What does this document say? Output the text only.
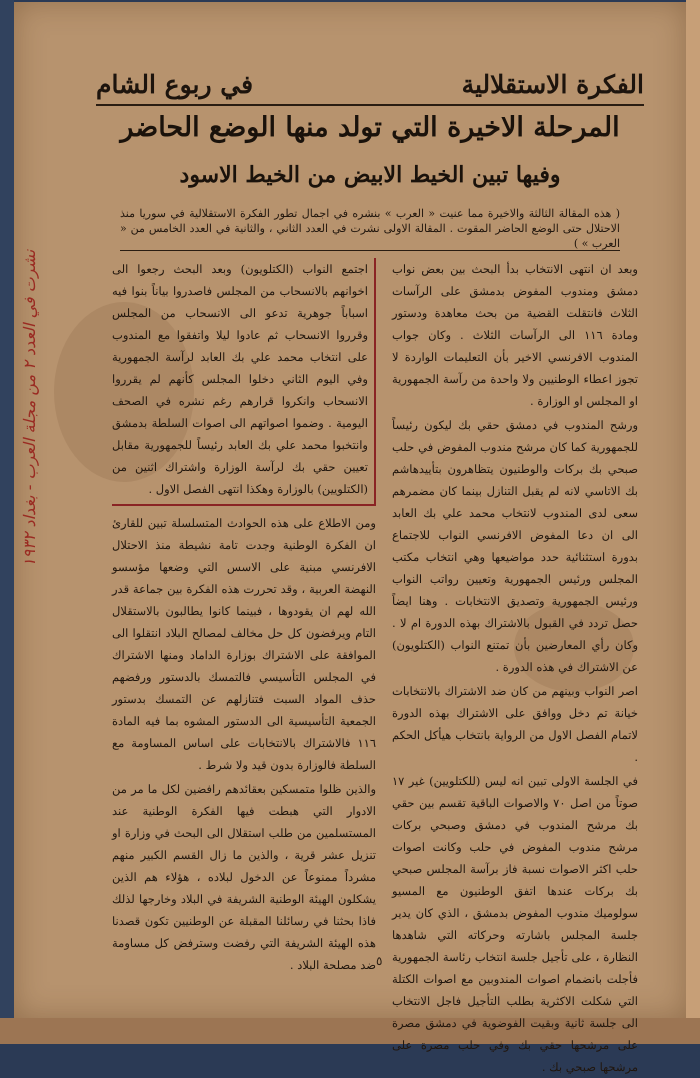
الفكرة الاستقلالية
في ربوع الشام
المرحلة الاخيرة التي تولد منها الوضع الحاضر
وفيها تبين الخيط الابيض من الخيط الاسود
( هذه المقالة الثالثة والاخيرة مما عنيت « العرب » بنشره في اجمال تطور الفكرة الاستقلالية في سوريا منذ الاحتلال حتى الوضع الحاضر المقوت . المقالة الاولى نشرت في العدد الثاني ، والثانية في العدد الخامس من « العرب » )

وبعد ان انتهى الانتخاب بدأ البحث بين بعض نواب دمشق ومندوب المفوض بدمشق على الرآسات الثلاث فانتقلت القضية من بحث معاهدة ودستور ومادة ١١٦ الى الرآسات الثلاث . وكان جواب المندوب الافرنسي الاخير بأن التعليمات الواردة لا تجوز اعطاء الوطنيين ولا واحدة من رآسة الجمهورية او المجلس او الوزارة .

ورشح المندوب في دمشق حقي بك ليكون رئيساً للجمهورية كما كان مرشح مندوب المفوض في حلب صبحي بك بركات والوطنيون يتظاهرون بتأييدهاشم بك الاتاسي لانه لم يقبل التنازل بينما كان مضمرهم سعى لدى المندوب لانتخاب محمد علي بك العابد الى ان دعا المفوض الافرنسي النواب للاجتماع بدورة استثنائية حدد مواضيعها وهي انتخاب مكتب المجلس ورئيس الجمهورية وتعيين رواتب النواب ورئيس الجمهورية وتصديق الانتخابات . وهنا ايضاً حصل تردد في القبول بالاشتراك بهذه الدورة ام لا . وكان رأي المعارضين بأن تمتنع النواب (الكتلويون) عن الاشتراك في هذه الدورة .

اصر النواب وبينهم من كان ضد الاشتراك بالانتخابات خيانة تم دخل ووافق على الاشتراك بهذه الدورة لاتمام الفصل الاول من الرواية بانتخاب هيأكل الحكم .

في الجلسة الاولى تبين انه ليس (للكتلويين) غير ١٧ صوتاً من اصل ٧٠ والاصوات الباقية تقسم بين حقي بك مرشح المندوب في دمشق وصبحي بركات مرشح مندوب المفوض في حلب وكانت اصوات حلب اكثر الاصوات نسبة فاز برآسة المجلس صبحي بك بركات عندها اتفق الوطنيون مع المسيو سولوميك مندوب المفوض بدمشق ، الذي كان يدير جلسة المجلس باشارته وحركاته التي شاهدها النظارة ، على تأجيل جلسة انتخاب رئاسة الجمهورية فأجلت بانضمام اصوات المندوبين مع اصوات الكتلة التي شكلت الاكثرية بطلب التأجيل فاجل الانتخاب الى جلسة ثانية وبقيت الفوضوية في دمشق مصرة على مرشحها حقي بك وفي حلب مصرة على مرشحها صبحي بك .

اجتمع النواب (الكتلويون) وبعد البحث رجعوا الى اخوانهم بالانسحاب من المجلس فاصدروا بياناً بنوا فيه اسباباً جوهرية تدعو الى الانسحاب من المجلس وقرروا الانسحاب ثم عادوا ليلا واتفقوا مع المندوب على انتخاب محمد علي بك العابد لرآسة الجمهورية وفي اليوم الثاني دخلوا المجلس كأنهم لم يقرروا الانسحاب وانكروا قرارهم رغم نشره في الصحف اليومية . وضموا اصواتهم الى اصوات السلطة بدمشق وانتخبوا محمد علي بك العابد رئيساً للجمهورية مقابل تعيين حقي بك لرآسة الوزارة واشتراك اثنين من (الكتلويين) بالوزارة وهكذا انتهى الفصل الاول .

ومن الاطلاع على هذه الحوادث المتسلسلة تبين للقارئ ان الفكرة الوطنية وجدت تامة نشيطة منذ الاحتلال الافرنسي مبنية على الاسس التي وضعها مؤسسو النهضة العربية ، وقد تحررت هذه الفكرة بين جماعة قدر الله لهم ان يقودوها ، فبينما كانوا يطالبون بالاستقلال التام ويرفضون كل حل مخالف لمصالح البلاد انتقلوا الى الموافقة على الاشتراك بوزارة الداماد ومنها الاشتراك في المجلس التأسيسي فالتمسك بالدستور ورفضهم حذف المواد السبت فتنازلهم عن التمسك بدستور الجمعية التأسيسية الى الدستور المشوه بما فيه المادة ١١٦ فالاشتراك بالانتخابات على اساس المساومة مع السلطة فالوزارة بدون قيد ولا شرط .

والذين ظلوا متمسكين بعقائدهم رافضين لكل ما مر من الادوار التي هبطت فيها الفكرة الوطنية عند المستسلمين من طلب استقلال الى البحث في وزارة او تنزيل عشر قرية ، والذين ما زال القسم الكبير منهم مشرداً ممنوعاً عن الدخول لبلاده ، هؤلاء هم الذين يشكلون الهيئة الوطنية الشريفة في البلاد وخارجها لذلك فاذا بحثنا في رسائلنا المقبلة عن الوطنيين تكون قصدنا هذه الهيئة الشريفة التي رفضت وسترفض كل مساومة ضد مصلحة البلاد .

نشرت في العدد ٢ من مجلة العرب - بغداد ١٩٣٢
٥
